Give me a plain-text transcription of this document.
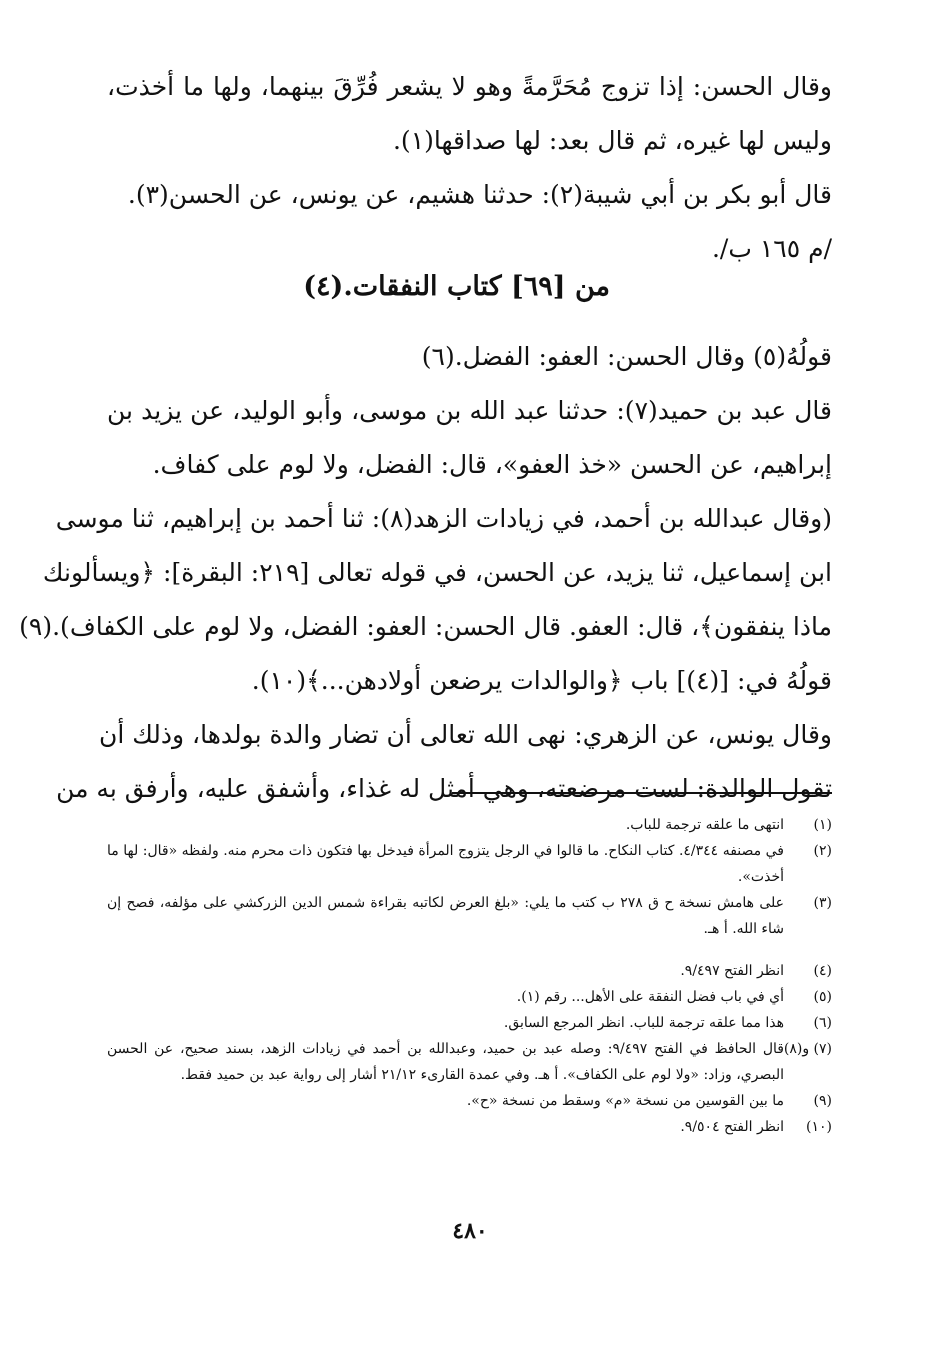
وقال الحسن: إذا تزوج مُحَرَّمةً وهو لا يشعر فُرِّقَ بينهما، ولها ما أخذت،
وليس لها غيره، ثم قال بعد: لها صداقها(١).
قال أبو بكر بن أبي شيبة(٢): حدثنا هشيم، عن يونس، عن الحسن(٣).
/م ١٦٥ ب/.
قولُهُ(٥) وقال الحسن: العفو: الفضل.(٦)
قال عبد بن حميد(٧): حدثنا عبد الله بن موسى، وأبو الوليد، عن يزيد بن
إبراهيم، عن الحسن «خذ العفو»، قال: الفضل، ولا لوم على كفاف.
(وقال عبدالله بن أحمد، في زيادات الزهد(٨): ثنا أحمد بن إبراهيم، ثنا موسى
ابن إسماعيل، ثنا يزيد، عن الحسن، في قوله تعالى [٢١٩: البقرة]: ﴿ويسألونك
ماذا ينفقون﴾، قال: العفو. قال الحسن: العفو: الفضل، ولا لوم على الكفاف).(٩)
قولُهُ في: [(٤)] باب ﴿والوالدات يرضعن أولادهن...﴾(١٠).
وقال يونس، عن الزهري: نهى الله تعالى أن تضار والدة بولدها، وذلك أن
تقول الوالدة: لست مرضعته، وهي أمثل له غذاء، وأشفق عليه، وأرفق به من
من [٦٩] كتاب النفقات.(٤)
(١)
انتهى ما علقه ترجمة للباب.
(٢)
في مصنفه ٤/٣٤٤. كتاب النكاح. ما قالوا في الرجل يتزوج المرأة فيدخل بها فتكون ذات محرم منه. ولفظه «قال: لها ما أخذت».
(٣)
على هامش نسخة ح ق ٢٧٨ ب كتب ما يلي: «بلغ العرض لكاتبه بقراءة شمس الدين الزركشي على مؤلفه، فصح إن شاء الله. أ هـ.
(٤)
انظر الفتح ٩/٤٩٧.
(٥)
أي في باب فضل النفقة على الأهل... رقم (١).
(٦)
هذا مما علقه ترجمة للباب. انظر المرجع السابق.
(٧) و(٨)
قال الحافظ في الفتح ٩/٤٩٧: وصله عبد بن حميد، وعبدالله بن أحمد في زيادات الزهد، بسند صحيح، عن الحسن البصري، وزاد: «ولا لوم على الكفاف». أ هـ. وفي عمدة القارىء ٢١/١٢ أشار إلى رواية عبد بن حميد فقط.
(٩)
ما بين القوسين من نسخة «م» وسقط من نسخة «ح».
(١٠)
انظر الفتح ٩/٥٠٤.
٤٨٠
